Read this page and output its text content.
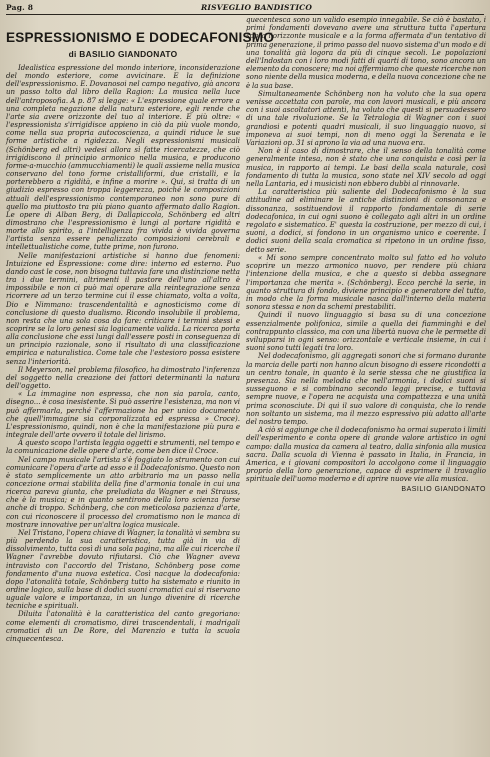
Pag. 8	RISVEGLIO BANDISTICO
ESPRESSIONISMO E DODECAFONISMO
di BASILIO GIANDONATO

Idealistica espressione del mondo interiore, inconsiderazione del mondo esteriore, come avvicinare. E la definizione dell'espressionismo. E. Dovanosoi nel campo negativo, già ancora un passo tolto dal libro della Ragion: La musica nella luce dell'antroposofia. A p. 87 si legge: « L'espressione quale errore a una completa negazione della natura esteriore, egli rende che l'arte sia avere orizzonte del tuo al interiore. E più oltre: « l'espressionista s'irrigidisce appieno in ciò da più vuole mondo, come nella sua propria autocoscienza, a quindi riduce le sue forme artistiche a rigidezza. Negli espressionismi musicali (Schönberg ed altri) vedesi allora sì fatte ricercatezze, che ciò irrigidiscono il principio armonico nella musica, e producono forme-a-mucchio (ammucchiamenti) le quali assieme nella musica conservano del tono forme cristalliformi, due cristalli, e la porterebbero a rigidità, e infine a morire ». Qui, si tratta di un giudizio espresso con troppa leggerezza, poiché le composizioni attuali dell'espressionismo contemporaneo non sono pure di quello ma piuttosto tra più piano quanto affermato dallo Ragion. Le opere di Alban Berg, di Dallapiccola, Schönberg ed altri dimostrano che l'espressionismo è lungi al portare rigidità e morte allo spirito, a l'intelligenza fra vivida è vivida governa l'artista senza essere penalizzato composizioni cerebrali e intellettualistiche come, tutte prime, non furono.

Nelle manifestazioni artistiche si hanno due fenomeni: Intuizione ed Espressione: come dire: interno ed esterno. Puo dando cast le cose, non bisogna tuttavia fare una distinzione netta tra i due termini, altrimenti il pastore dell'uno all'altro è impossibile e non ci può mai operare alla reintegrazione senza ricorrere ad un terzo termine cui il esse chiamato, volta a volta, Dio e Nimmano: trascendentalità e agnosticismo come di conclusione di questo dualismo. Ricondo insolubile il problema, non resta che una sola cosa da fare: criticare i termini stessi e scoprire se la loro genesi sia logicamente valida. La ricerca porta alla conclusione che essi lungi dall'essere posti in conseguenza di un principio razionale, sono il risultato di una classificazione empirica e naturalistica. Come tale che l'estesioro possa esistere senza l'interiorità.

Il Meyerson, nel problema filosofico, ha dimostrato l'inferenza del soggetto nella creazione dei fattori determinanti la natura dell'oggetto.

« La immagine non espressa, che non sia parola, canto, disegno... è cosa inesistente. Si può asserire l'esistenza, ma non vi può affermarla, perché l'affermazione ha per unico documento che quell'immagine sia corporalizzata ed espressa » Croce). L'espressionismo, quindi, non è che la manifestazione più pura e integrale dell'arte ovvero il totale del lirismo.

A questo scopo l'artista leggia oggetti e strumenti, nel tempo e la comunicazione delle opere d'arte, come ben dice il Croce.

Nel campo musicale l'artista s'è foggiato lo strumento con cui comunicare l'opera d'arte ad esso e il Dodecafonismo. Questo non è stato semplicemente un atto arbitrario ma un passo nella concezione ormai stabilita della fine d'armonia tonale in cui una ricerca pareva giunta, che preludiata da Wagner e nei Strauss, che è la musica; e in quanto sentirono della loro scienza forse anche di troppo. Schönberg, che con meticolosa pazienza d'arte, con cui riconoscere il processo del cromatismo non le manca di mostrare innovative per un'altra logica musicale.

Nel Tristano, l'opera chiave di Wagner, la tonalità vi sembra su più perdendo la sua caratteristica, tutta già in via di dissolvimento, tutta così di una sola pagina, ma alle cui ricerche il Wagner l'avrebbe dovuto rifiutarsi. Ciò che Wagner aveva intravisto con l'accordo del Tristano, Schönberg pose come fondamento d'una nuova estetica. Così nacque la dodecafonia: dopo l'atonalità totale, Schönberg tutto ha sistemato e riunito in ordine logico, sulla base di dodici suoni cromatici cui si riservano uguale valore e importanza, in un lungo divenire di ricerche tecniche e spirituali.

Diluita l'atonalità è la caratteristica del canto gregoriano: come elementi di cromatismo, direi trascendentali, i madrigali cromatici di un De Rore, del Marenzio e tutta la scuola cinquecentesca.

quecentesca sono un valido esempio innegabile. Se ciò è bastato, i primi fondamenti dovevano avere una struttura tutta l'apertura sopra l'orizzonte musicale e a la forma affermata d'un tentativo di prima generazione, il primo passo del nuovo sistema d'un modo e di una tonalità già logora da più di cinque secoli. Le popolazioni dell'Indostan con i loro modi fatti di quarti di tono, sono ancora un elemento da conoscere; ma noi affermiamo che queste ricerche non sono niente della musica moderna, e della nuova concezione che ne è la sua base.

Simultaneamente Schönberg non ha voluto che la sua opera venisse accettata con parole, ma con lavori musicali, e più ancora con i suoi ascoltatori attenti, ha voluto che questi si persuadessero di una tale rivoluzione. Se la Tetralogia di Wagner con i suoi grandiosi e potenti quadri musicali, il suo linguaggio nuovo, si imponeva ai suoi tempi, non di meno oggi la Serenata e le Variazioni op. 31 si aprono la via ad una nuova era.

Non è il caso di dimostrare, che il senso della tonalità come generalmente intesa, non è stato che una conquista e così per la musica, in rapporto ai tempi. Le basi della scala naturale, così fondamento di tutta la musica, sono state nel XIV secolo ad oggi nella Lantaria, ed i musicisti non ebbero dubbi al rinnovarle.

La caratteristica più saliente del Dodecafonismo è la sua attitudine ad eliminare le antiche distinzioni di consonanza e dissonanza, sostituendovi il rapporto fondamentale di serie dodecafonica, in cui ogni suono è collegato agli altri in un ordine regolato e sistematico. E' questa la costruzione, per mezzo di cui, i suoni, a dodici, si fondono in un organismo unico e coerente. I dodici suoni della scala cromatica si ripetono in un ordine fisso, detto serie.

« Mi sono sempre concentrato molto sul fatto ed ho voluto scoprire un mezzo armonico nuovo, per rendere più chiara l'intenzione della musica, e che a questo si debba assegnare l'importanza che merita ». (Schönberg). Ecco perché la serie, in quanto struttura di fondo, diviene principio e generatore del tutto, in modo che la forma musicale nasca dall'interno della materia sonora stessa e non da schemi prestabiliti.

Quindi il nuovo linguaggio si basa su di una concezione essenzialmente polifonica, simile a quella dei fiamminghi e del contrappunto classico, ma con una libertà nuova che le permette di svilupparsi in ogni senso: orizzontale e verticale insieme, in cui i suoni sono tutti legati tra loro.

Nel dodecafonismo, gli aggregati sonori che si formano durante la marcia delle parti non hanno alcun bisogno di essere ricondotti a un centro tonale, in quanto è la serie stessa che ne giustifica la presenza. Sia nella melodia che nell'armonia, i dodici suoni si susseguono e si combinano secondo leggi precise, e tuttavia sempre nuove, e l'opera ne acquista una compattezza e una unità prima sconosciute. Di qui il suo valore di conquista, che lo rende non soltanto un sistema, ma il mezzo espressivo più adatto all'arte del nostro tempo.

A ciò si aggiunge che il dodecafonismo ha ormai superato i limiti dell'esperimento e conta opere di grande valore artistico in ogni campo: dalla musica da camera al teatro, dalla sinfonia alla musica sacra. Dalla scuola di Vienna è passato in Italia, in Francia, in America, e i giovani compositori lo accolgono come il linguaggio proprio della loro generazione, capace di esprimere il travaglio spirituale dell'uomo moderno e di aprire nuove vie alla musica.

BASILIO GIANDONATO
